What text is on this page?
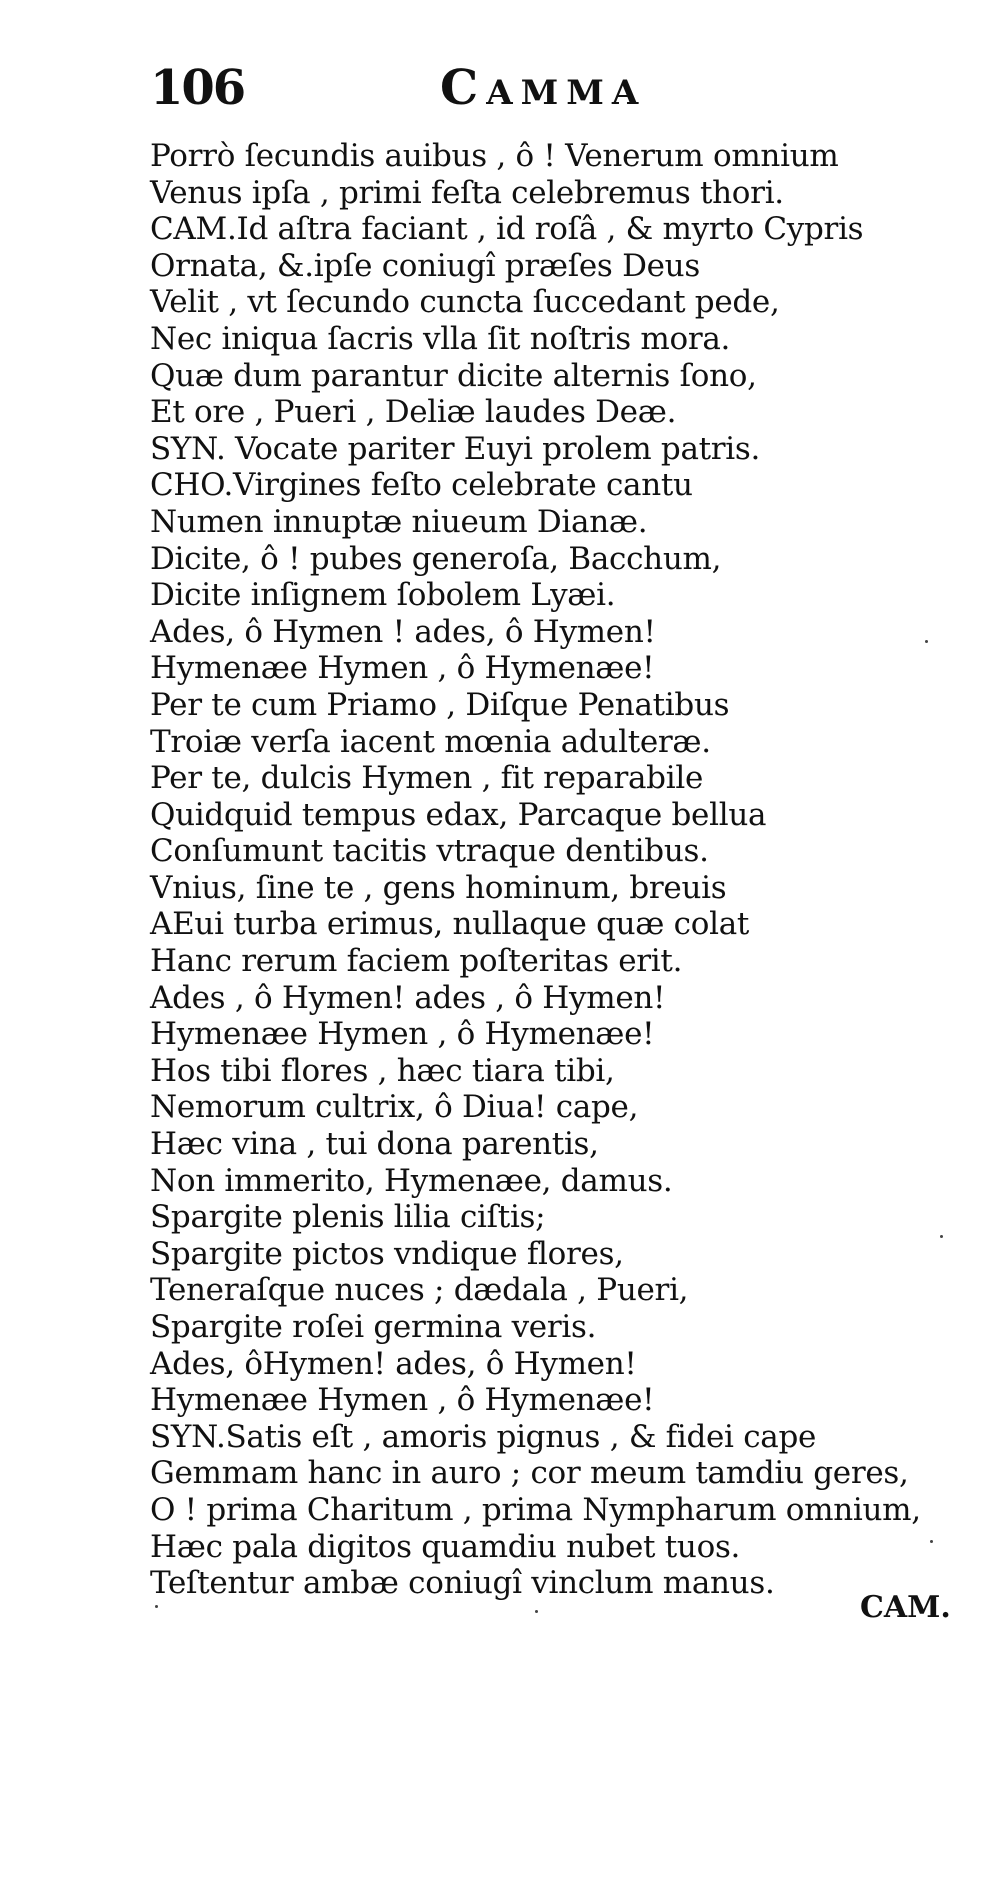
106	Camma
Porrò ſecundis auibus , ô ! Venerum omnium
Venus ipſa , primi feſta celebremus thori.
CAM.Id aſtra faciant , id roſâ , & myrto Cypris
Ornata, &.ipſe coniugî præſes Deus
Velit , vt ſecundo cuncta ſuccedant pede,
Nec iniqua ſacris vlla ſit noſtris mora.
Quæ dum parantur dicite alternis ſono,
Et ore , Pueri , Deliæ laudes Deæ.
SYN. Vocate pariter Euyi prolem patris.
CHO.Virgines feſto celebrate cantu
Numen innuptæ niueum Dianæ.
Dicite, ô ! pubes generoſa, Bacchum,
Dicite inſignem ſobolem Lyæi.
Ades, ô Hymen ! ades, ô Hymen!
Hymenæe Hymen , ô Hymenæe!
Per te cum Priamo , Diſque Penatibus
Troiæ verſa iacent mœnia adulteræ.
Per te, dulcis Hymen , fit reparabile
Quidquid tempus edax, Parcaque bellua
Conſumunt tacitis vtraque dentibus.
Vnius, ſine te , gens hominum, breuis
AEui turba erimus, nullaque quæ colat
Hanc rerum faciem poſteritas erit.
Ades , ô Hymen! ades , ô Hymen!
Hymenæe Hymen , ô Hymenæe!
Hos tibi flores , hæc tiara tibi,
Nemorum cultrix, ô Diua! cape,
Hæc vina , tui dona parentis,
Non immerito, Hymenæe, damus.
Spargite plenis lilia ciſtis;
Spargite pictos vndique flores,
Teneraſque nuces ; dædala , Pueri,
Spargite roſei germina veris.
Ades, ôHymen! ades, ô Hymen!
Hymenæe Hymen , ô Hymenæe!
SYN.Satis eſt , amoris pignus , & fidei cape
Gemmam hanc in auro ; cor meum tamdiu geres,
O ! prima Charitum , prima Nympharum omnium,
Hæc pala digitos quamdiu nubet tuos.
Teſtentur ambæ coniugî vinclum manus.
CAM.
